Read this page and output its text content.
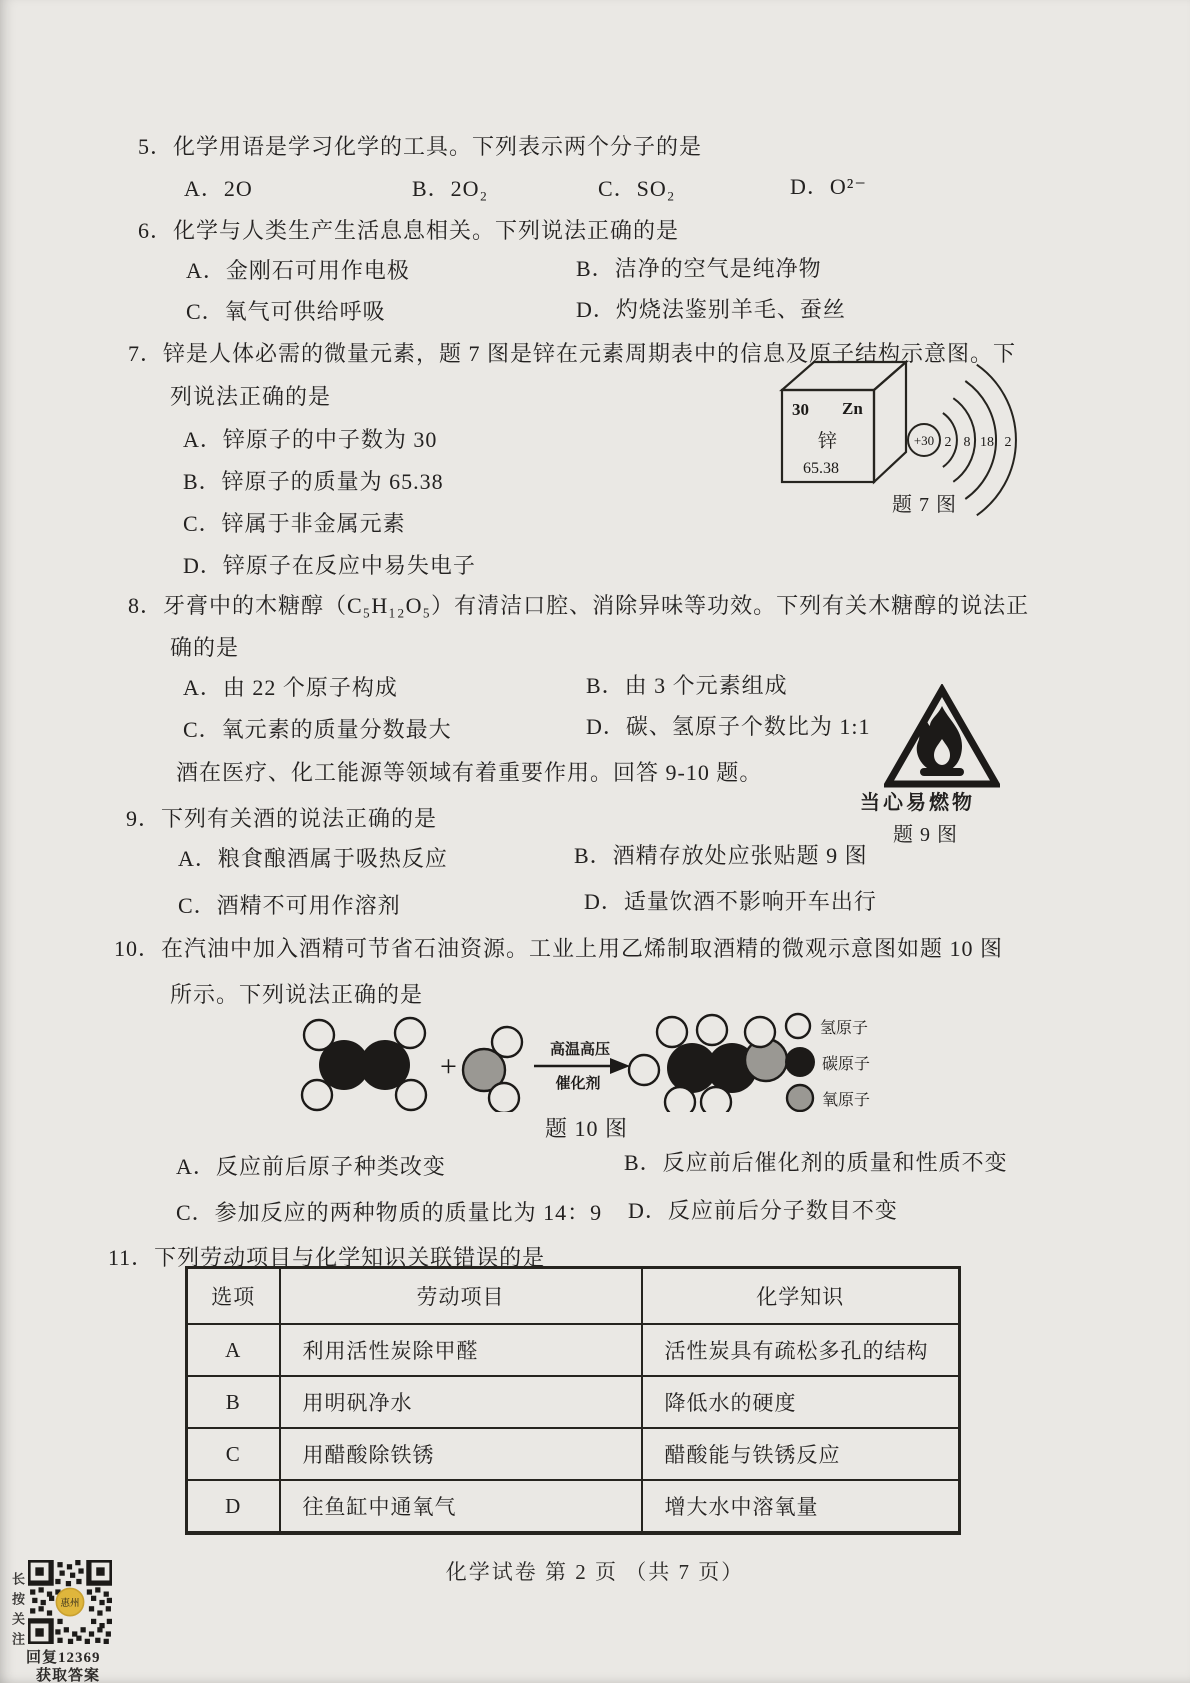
5．化学用语是学习化学的工具。下列表示两个分子的是
A．2O	B．2O₂	C．SO₂	D．O²⁻
6．化学与人类生产生活息息相关。下列说法正确的是
A．金刚石可用作电极	B．洁净的空气是纯净物
C．氧气可供给呼吸	D．灼烧法鉴别羊毛、蚕丝
7．锌是人体必需的微量元素，题 7 图是锌在元素周期表中的信息及原子结构示意图。下
列说法正确的是
A．锌原子的中子数为 30
B．锌原子的质量为 65.38
C．锌属于非金属元素
D．锌原子在反应中易失电子
30 Zn
锌
65.38
+30 2 8 18 2
题 7 图
8．牙膏中的木糖醇（C₅H₁₂O₅）有清洁口腔、消除异味等功效。下列有关木糖醇的说法正
确的是
A．由 22 个原子构成	B．由 3 个元素组成
C．氧元素的质量分数最大	D．碳、氢原子个数比为 1:1
酒在医疗、化工能源等领域有着重要作用。回答 9-10 题。
9．下列有关酒的说法正确的是
A．粮食酿酒属于吸热反应	B．酒精存放处应张贴题 9 图
C．酒精不可用作溶剂	D．适量饮酒不影响开车出行
当心易燃物
题 9 图
10．在汽油中加入酒精可节省石油资源。工业上用乙烯制取酒精的微观示意图如题 10 图
所示。下列说法正确的是
+	高温高压
催化剂
氢原子
碳原子
氧原子
题 10 图
A．反应前后原子种类改变	B．反应前后催化剂的质量和性质不变
C．参加反应的两种物质的质量比为 14：9 D．反应前后分子数目不变
11．下列劳动项目与化学知识关联错误的是
选项	劳动项目	化学知识
A	利用活性炭除甲醛	活性炭具有疏松多孔的结构
B	用明矾净水	降低水的硬度
C	用醋酸除铁锈	醋酸能与铁锈反应
D	往鱼缸中通氧气	增大水中溶氧量
化学试卷 第 2 页 （共 7 页）
长按关注	惠州
回复12369
获取答案
